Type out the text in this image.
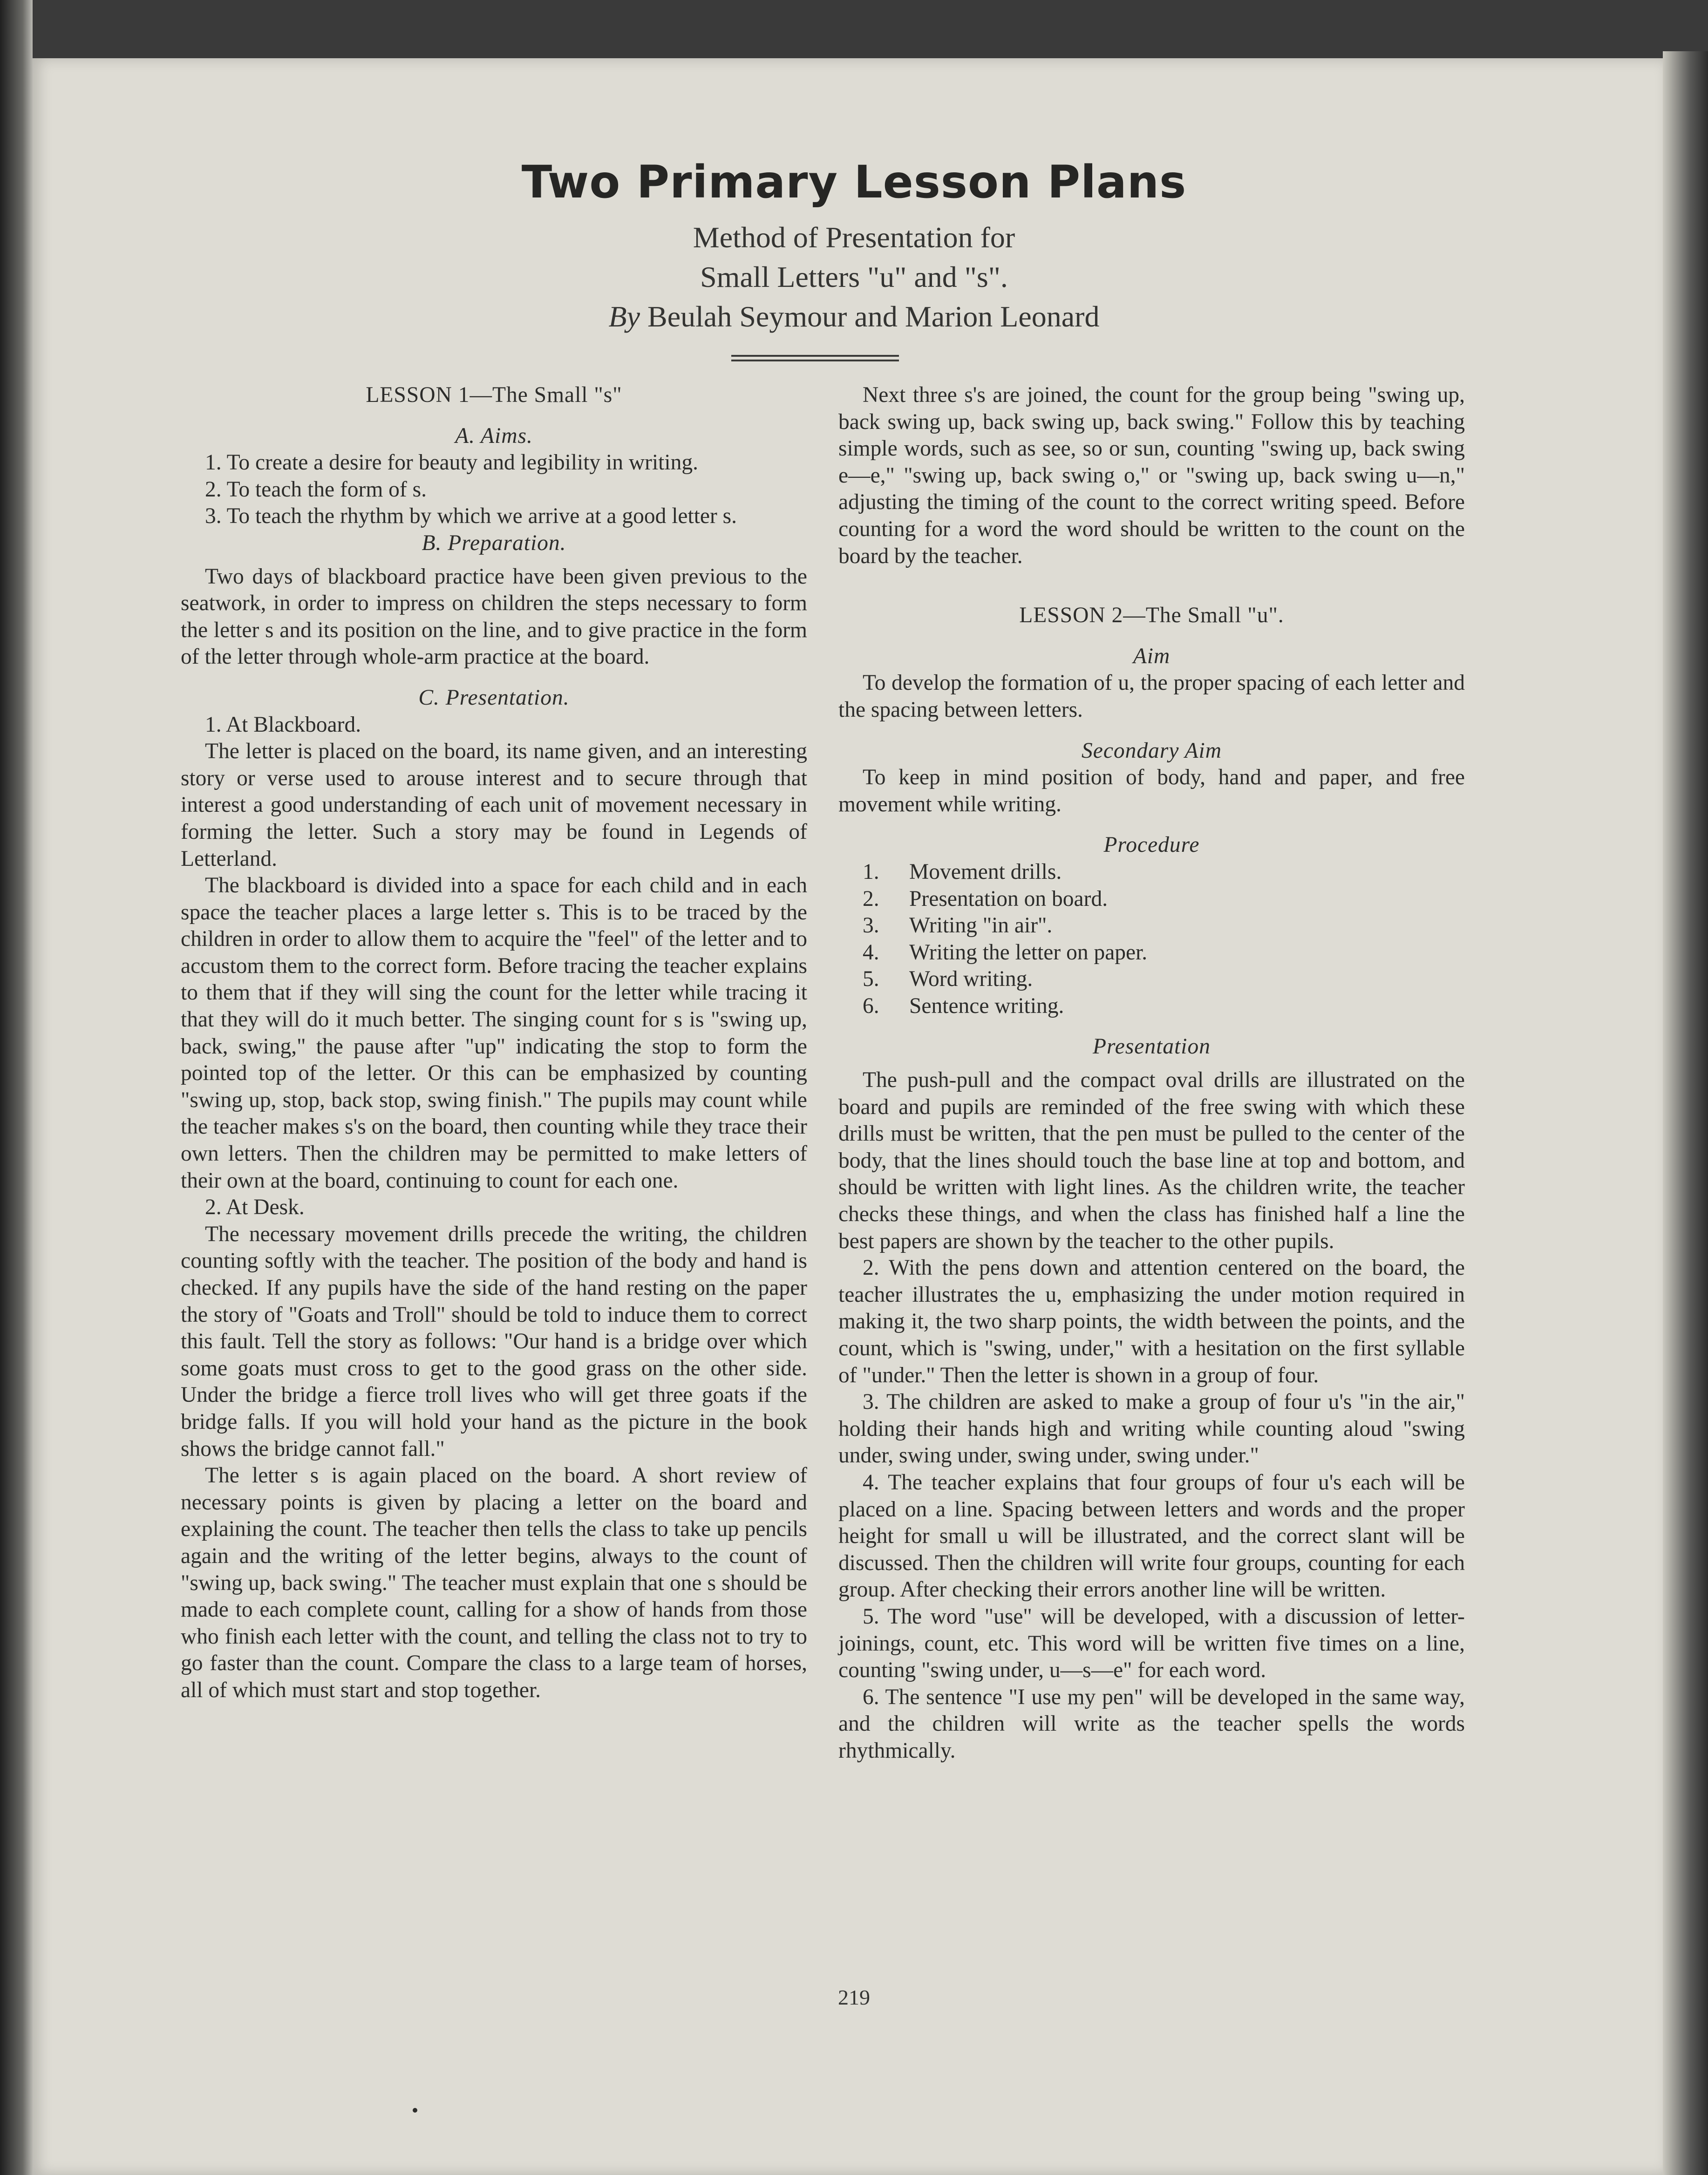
Two Primary Lesson Plans
Method of Presentation for
Small Letters "u" and "s".
By Beulah Seymour and Marion Leonard

LESSON 1—The Small "s"

A. Aims.

1. To create a desire for beauty and legibility in writing.

2. To teach the form of s.

3. To teach the rhythm by which we arrive at a good letter s.

B. Preparation.

Two days of blackboard practice have been given previous to the seatwork, in order to impress on children the steps necessary to form the letter s and its position on the line, and to give practice in the form of the letter through whole-arm practice at the board.

C. Presentation.

1. At Blackboard.

The letter is placed on the board, its name given, and an interesting story or verse used to arouse interest and to secure through that interest a good understanding of each unit of movement necessary in forming the letter. Such a story may be found in Legends of Letterland.

The blackboard is divided into a space for each child and in each space the teacher places a large letter s. This is to be traced by the children in order to allow them to acquire the "feel" of the letter and to accustom them to the correct form. Before tracing the teacher explains to them that if they will sing the count for the letter while tracing it that they will do it much better. The singing count for s is "swing up, back, swing," the pause after "up" indicating the stop to form the pointed top of the letter. Or this can be emphasized by counting "swing up, stop, back stop, swing finish." The pupils may count while the teacher makes s's on the board, then counting while they trace their own letters. Then the children may be permitted to make letters of their own at the board, continuing to count for each one.

2. At Desk.

The necessary movement drills precede the writing, the children counting softly with the teacher. The position of the body and hand is checked. If any pupils have the side of the hand resting on the paper the story of "Goats and Troll" should be told to induce them to correct this fault. Tell the story as follows: "Our hand is a bridge over which some goats must cross to get to the good grass on the other side. Under the bridge a fierce troll lives who will get three goats if the bridge falls. If you will hold your hand as the picture in the book shows the bridge cannot fall."

The letter s is again placed on the board. A short review of necessary points is given by placing a letter on the board and explaining the count. The teacher then tells the class to take up pencils again and the writing of the letter begins, always to the count of "swing up, back swing." The teacher must explain that one s should be made to each complete count, calling for a show of hands from those who finish each letter with the count, and telling the class not to try to go faster than the count. Compare the class to a large team of horses, all of which must start and stop together.

Next three s's are joined, the count for the group being "swing up, back swing up, back swing up, back swing." Follow this by teaching simple words, such as see, so or sun, counting "swing up, back swing e—e," "swing up, back swing o," or "swing up, back swing u—n," adjusting the timing of the count to the correct writing speed. Before counting for a word the word should be written to the count on the board by the teacher.

LESSON 2—The Small "u".

Aim

To develop the formation of u, the proper spacing of each letter and the spacing between letters.

Secondary Aim

To keep in mind position of body, hand and paper, and free movement while writing.

Procedure

1. Movement drills.
2. Presentation on board.
3. Writing "in air".
4. Writing the letter on paper.
5. Word writing.
6. Sentence writing.

Presentation

The push-pull and the compact oval drills are illustrated on the board and pupils are reminded of the free swing with which these drills must be written, that the pen must be pulled to the center of the body, that the lines should touch the base line at top and bottom, and should be written with light lines. As the children write, the teacher checks these things, and when the class has finished half a line the best papers are shown by the teacher to the other pupils.

2. With the pens down and attention centered on the board, the teacher illustrates the u, emphasizing the under motion required in making it, the two sharp points, the width between the points, and the count, which is "swing, under," with a hesitation on the first syllable of "under." Then the letter is shown in a group of four.

3. The children are asked to make a group of four u's "in the air," holding their hands high and writing while counting aloud "swing under, swing under, swing under, swing under."

4. The teacher explains that four groups of four u's each will be placed on a line. Spacing between letters and words and the proper height for small u will be illustrated, and the correct slant will be discussed. Then the children will write four groups, counting for each group. After checking their errors another line will be written.

5. The word "use" will be developed, with a discussion of letter-joinings, count, etc. This word will be written five times on a line, counting "swing under, u—s—e" for each word.

6. The sentence "I use my pen" will be developed in the same way, and the children will write as the teacher spells the words rhythmically.

219
